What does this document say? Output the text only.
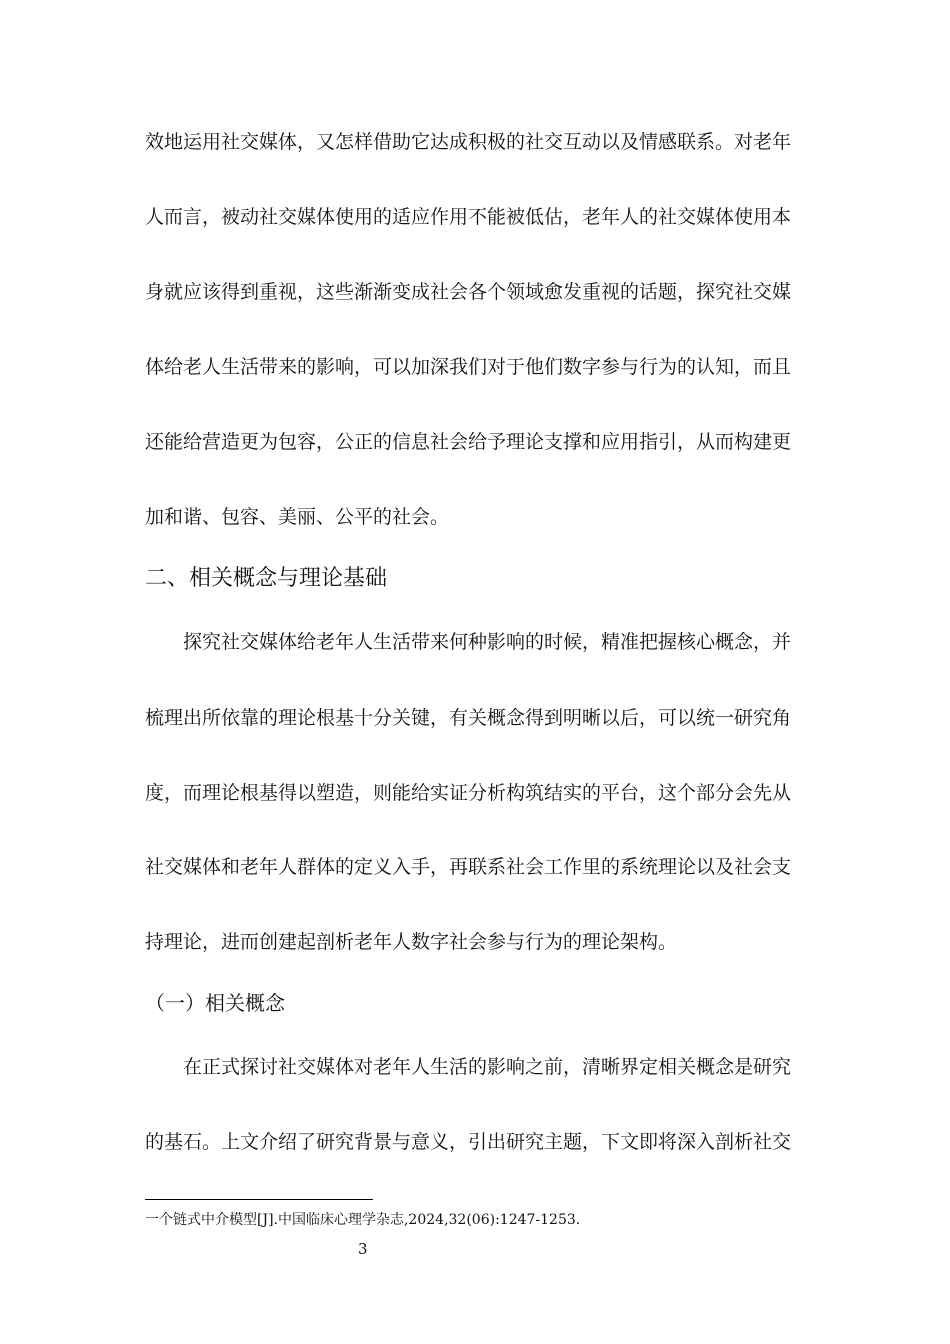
效地运用社交媒体，又怎样借助它达成积极的社交互动以及情感联系。对老年
人而言，被动社交媒体使用的适应作用不能被低估，老年人的社交媒体使用本
身就应该得到重视，这些渐渐变成社会各个领域愈发重视的话题，探究社交媒
体给老人生活带来的影响，可以加深我们对于他们数字参与行为的认知，而且
还能给营造更为包容，公正的信息社会给予理论支撑和应用指引，从而构建更
加和谐、包容、美丽、公平的社会。
二、相关概念与理论基础
探究社交媒体给老年人生活带来何种影响的时候，精准把握核心概念，并
梳理出所依靠的理论根基十分关键，有关概念得到明晰以后，可以统一研究角
度，而理论根基得以塑造，则能给实证分析构筑结实的平台，这个部分会先从
社交媒体和老年人群体的定义入手，再联系社会工作里的系统理论以及社会支
持理论，进而创建起剖析老年人数字社会参与行为的理论架构。
（一）相关概念
在正式探讨社交媒体对老年人生活的影响之前，清晰界定相关概念是研究
的基石。上文介绍了研究背景与意义，引出研究主题，下文即将深入剖析社交
一个链式中介模型[J].中国临床心理学杂志,2024,32(06):1247-1253.
3
